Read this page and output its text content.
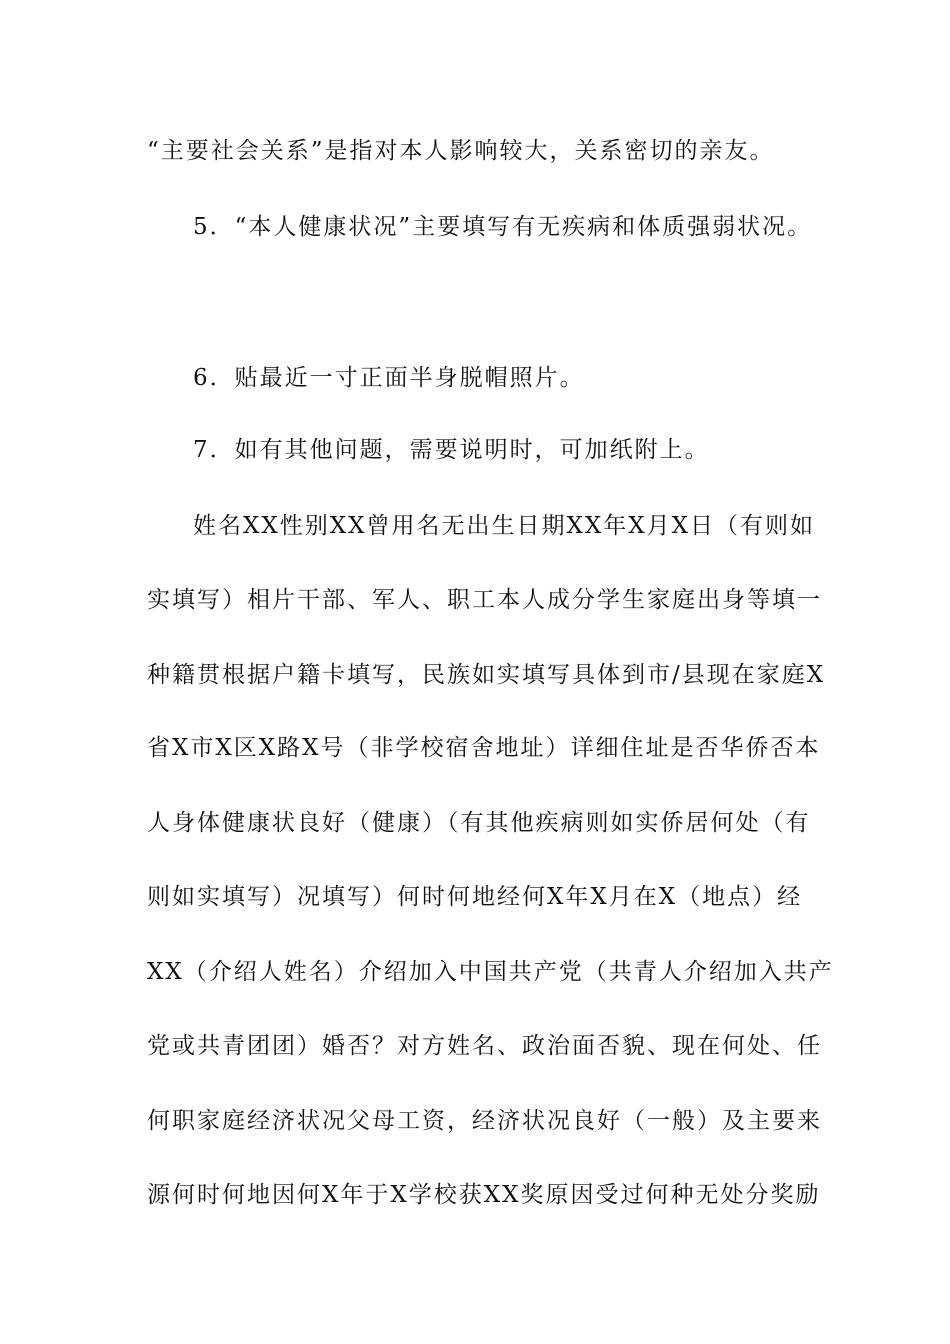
“主要社会关系”是指对本人影响较大，关系密切的亲友。
5．“本人健康状况”主要填写有无疾病和体质强弱状况。
6．贴最近一寸正面半身脱帽照片。
7．如有其他问题，需要说明时，可加纸附上。
姓名XX性别XX曾用名无出生日期XX年X月X日（有则如
实填写）相片干部、军人、职工本人成分学生家庭出身等填一
种籍贯根据户籍卡填写，民族如实填写具体到市/县现在家庭X
省X市X区X路X号（非学校宿舍地址）详细住址是否华侨否本
人身体健康状良好（健康）（有其他疾病则如实侨居何处（有
则如实填写）况填写）何时何地经何X年X月在X（地点）经
XX（介绍人姓名）介绍加入中国共产党（共青人介绍加入共产
党或共青团团）婚否？对方姓名、政治面否貌、现在何处、任
何职家庭经济状况父母工资，经济状况良好（一般）及主要来
源何时何地因何X年于X学校获XX奖原因受过何种无处分奖励
